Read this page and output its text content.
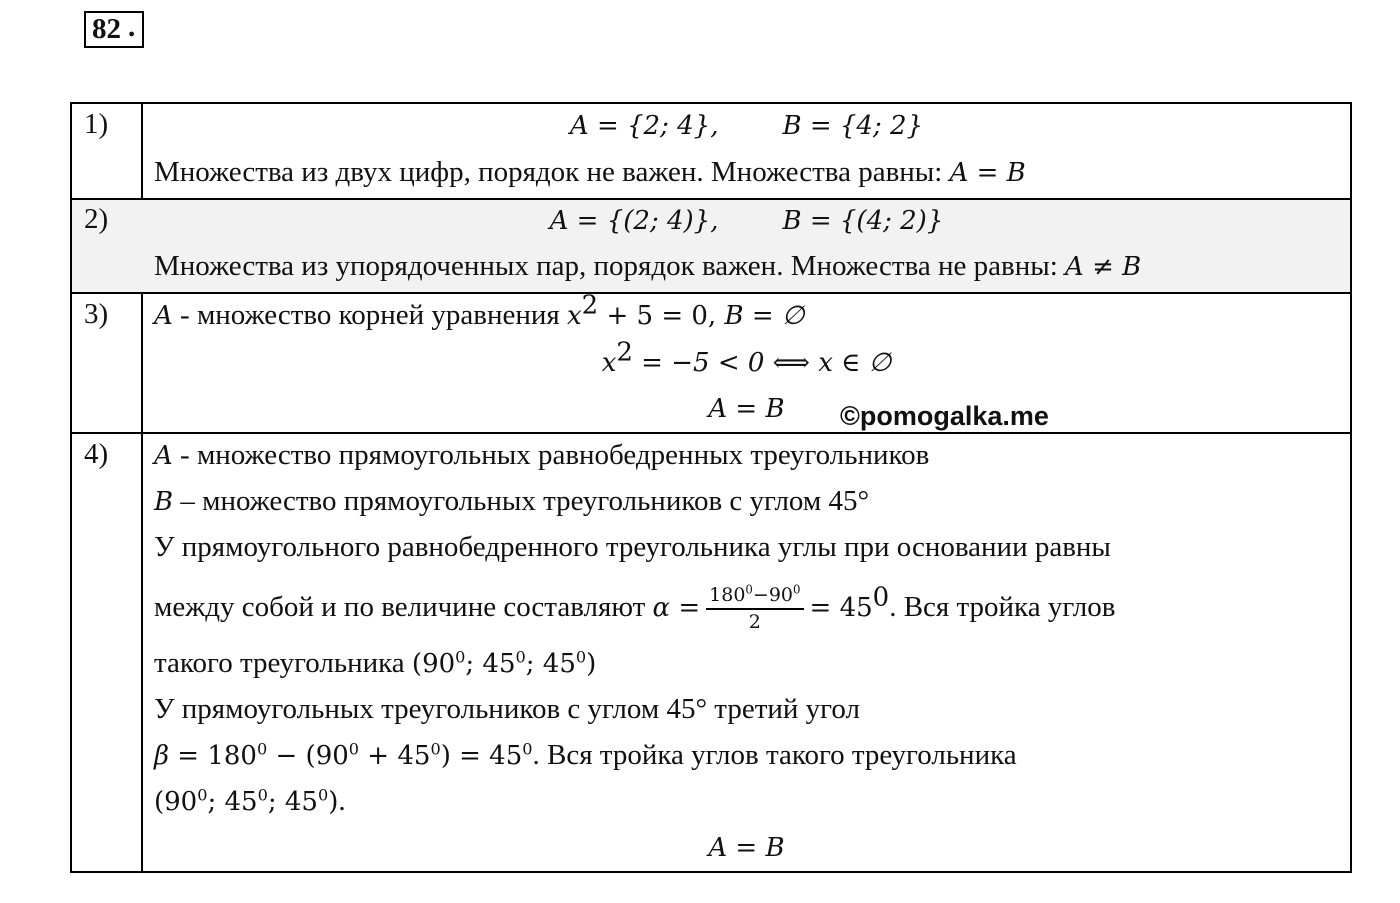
82 .
1)	A = {2; 4}, B = {4; 2}
Множества из двух цифр, порядок не важен. Множества равны: A = B
2)	A = {(2; 4)}, B = {(4; 2)}
Множества из упорядоченных пар, порядок важен. Множества не равны: A ≠ B
3) A - множество корней уравнения $x^2 + 5 = 0$, B = ∅
$x^2 = -5 < 0$ ⟺ x ∈ ∅
A = B
4) A - множество прямоугольных равнобедренных треугольников
B – множество прямоугольных треугольников с углом 45°
У прямоугольного равнобедренного треугольника углы при основании равны
между собой и по величине составляют $\alpha = \frac{180^0-90^0}{2} = 45^0$. Вся тройка углов
такого треугольника ($90^0$; $45^0$; $45^0$)
У прямоугольных треугольников с углом 45° третий угол
$\beta = 180^0 - (90^0 + 45^0) = 45^0$. Вся тройка углов такого треугольника
($90^0$; $45^0$; $45^0$).
A = B
©pomogalka.me
